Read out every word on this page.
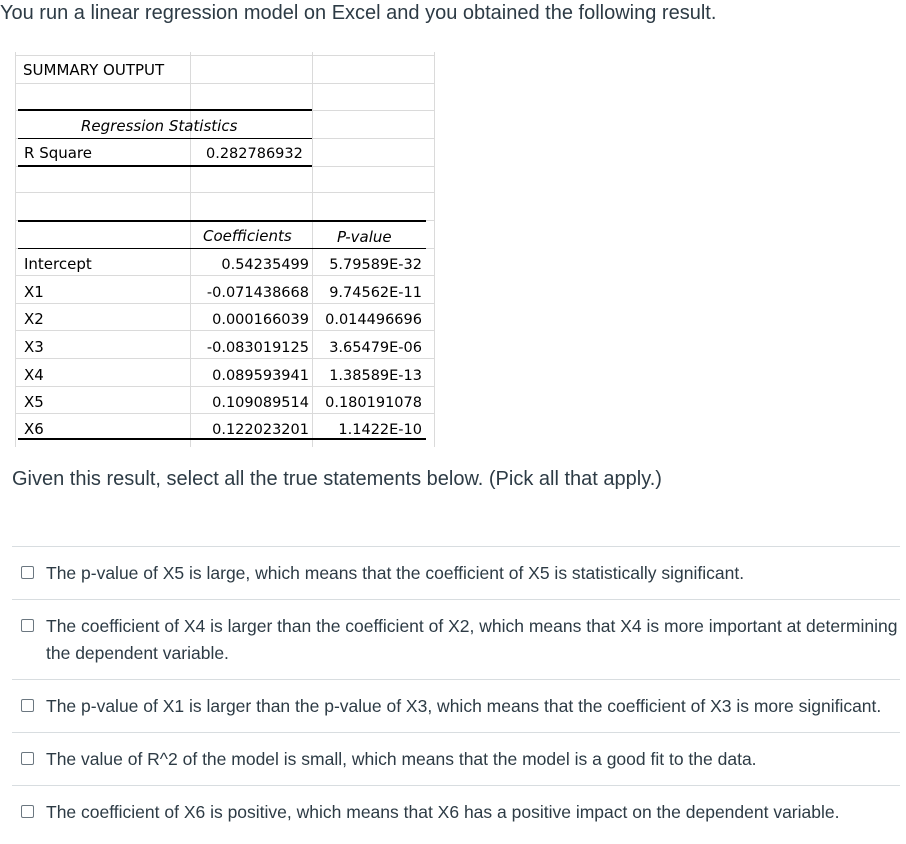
You run a linear regression model on Excel and you obtained the following result.
SUMMARY OUTPUT
Regression Statistics
R Square	0.282786932
Coefficients	P-value
Intercept	0.54235499 5.79589E-32
X1	-0.071438668 9.74562E-11
X2	0.000166039 0.014496696
X3	-0.083019125 3.65479E-06
X4	0.089593941 1.38589E-13
X5	0.109089514 0.180191078
X6	0.122023201 1.1422E-10
Given this result, select all the true statements below. (Pick all that apply.)
The p-value of X5 is large, which means that the coefficient of X5 is statistically significant.
The coefficient of X4 is larger than the coefficient of X2, which means that X4 is more important at determining the dependent variable.
The p-value of X1 is larger than the p-value of X3, which means that the coefficient of X3 is more significant.
The value of R^2 of the model is small, which means that the model is a good fit to the data.
The coefficient of X6 is positive, which means that X6 has a positive impact on the dependent variable.
